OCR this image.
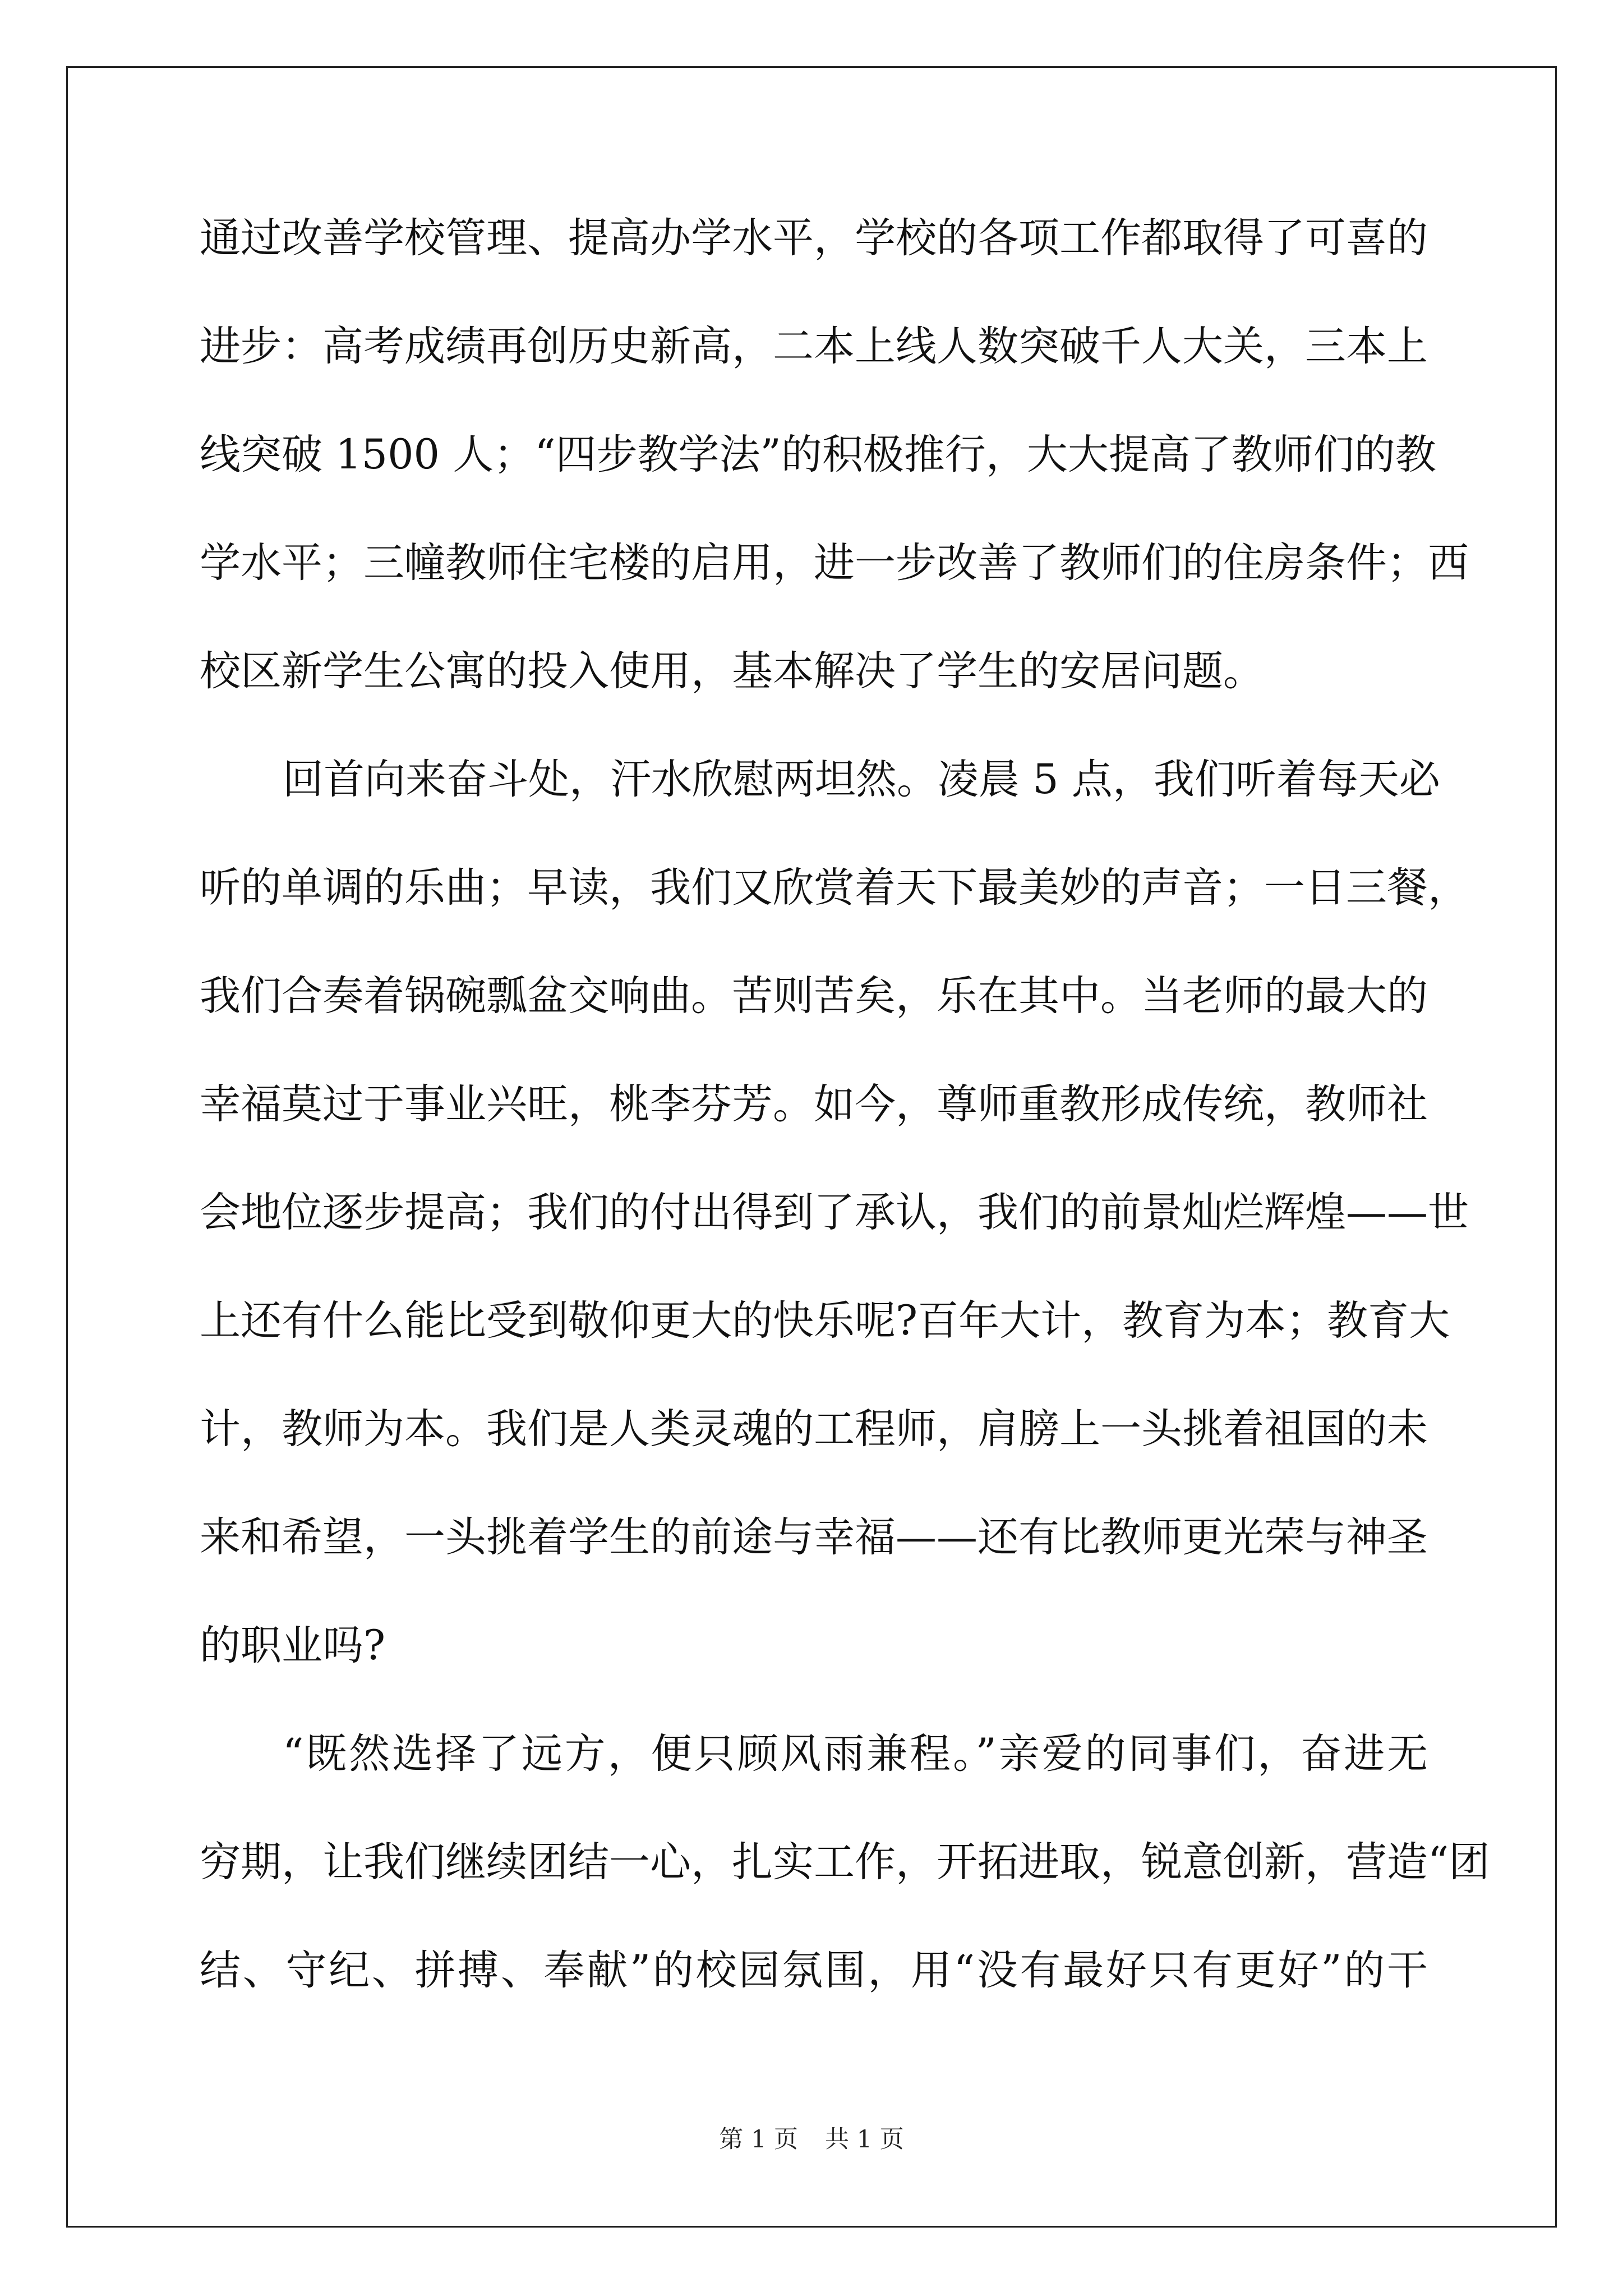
通过改善学校管理、提高办学水平，学校的各项工作都取得了可喜的
进步：高考成绩再创历史新高，二本上线人数突破千人大关，三本上
线突破 1500 人；“四步教学法”的积极推行，大大提高了教师们的教
学水平；三幢教师住宅楼的启用，进一步改善了教师们的住房条件；西
校区新学生公寓的投入使用，基本解决了学生的安居问题。
回首向来奋斗处，汗水欣慰两坦然。凌晨 5 点，我们听着每天必
听的单调的乐曲；早读，我们又欣赏着天下最美妙的声音；一日三餐，
我们合奏着锅碗瓢盆交响曲。苦则苦矣，乐在其中。当老师的最大的
幸福莫过于事业兴旺，桃李芬芳。如今，尊师重教形成传统，教师社
会地位逐步提高；我们的付出得到了承认，我们的前景灿烂辉煌——世
上还有什么能比受到敬仰更大的快乐呢?百年大计，教育为本；教育大
计，教师为本。我们是人类灵魂的工程师，肩膀上一头挑着祖国的未
来和希望，一头挑着学生的前途与幸福——还有比教师更光荣与神圣
的职业吗?
“既然选择了远方，便只顾风雨兼程。”亲爱的同事们，奋进无
穷期，让我们继续团结一心，扎实工作，开拓进取，锐意创新，营造“团
结、守纪、拼搏、奉献”的校园氛围，用“没有最好只有更好”的干
第 1 页 共 1 页
